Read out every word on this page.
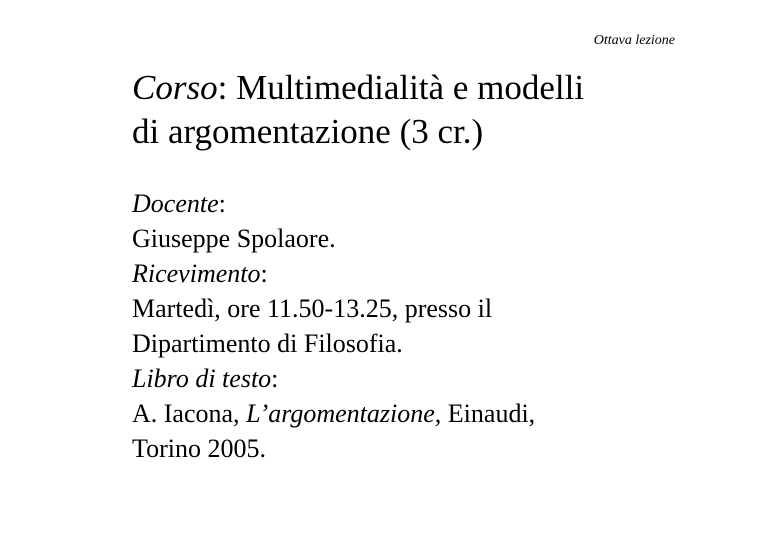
Ottava lezione
Corso: Multimedialità e modelli
di argomentazione (3 cr.)
Docente:
Giuseppe Spolaore.
Ricevimento:
Martedì, ore 11.50-13.25, presso il
Dipartimento di Filosofia.
Libro di testo:
A. Iacona, L’argomentazione, Einaudi,
Torino 2005.
